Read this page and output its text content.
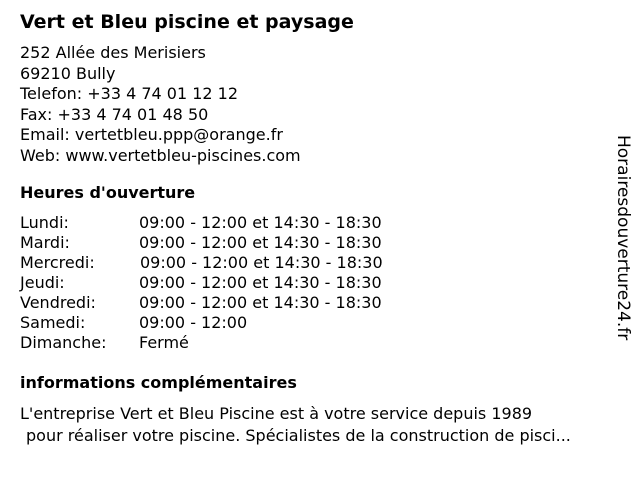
Vert et Bleu piscine et paysage
252 Allée des Merisiers
69210 Bully
Telefon: +33 4 74 01 12 12
Fax: +33 4 74 01 48 50
Email: vertetbleu.ppp@orange.fr
Web: www.vertetbleu-piscines.com
Heures d'ouverture
Lundi:	09:00 - 12:00 et 14:30 - 18:30
Mardi:	09:00 - 12:00 et 14:30 - 18:30
Mercredi:	09:00 - 12:00 et 14:30 - 18:30
Jeudi:	09:00 - 12:00 et 14:30 - 18:30
Vendredi:	09:00 - 12:00 et 14:30 - 18:30
Samedi:	09:00 - 12:00
Dimanche: Fermé
informations complémentaires
L'entreprise Vert et Bleu Piscine est à votre service depuis 1989
pour réaliser votre piscine. Spécialistes de la construction de pisci...
Horairesdouverture24.fr
